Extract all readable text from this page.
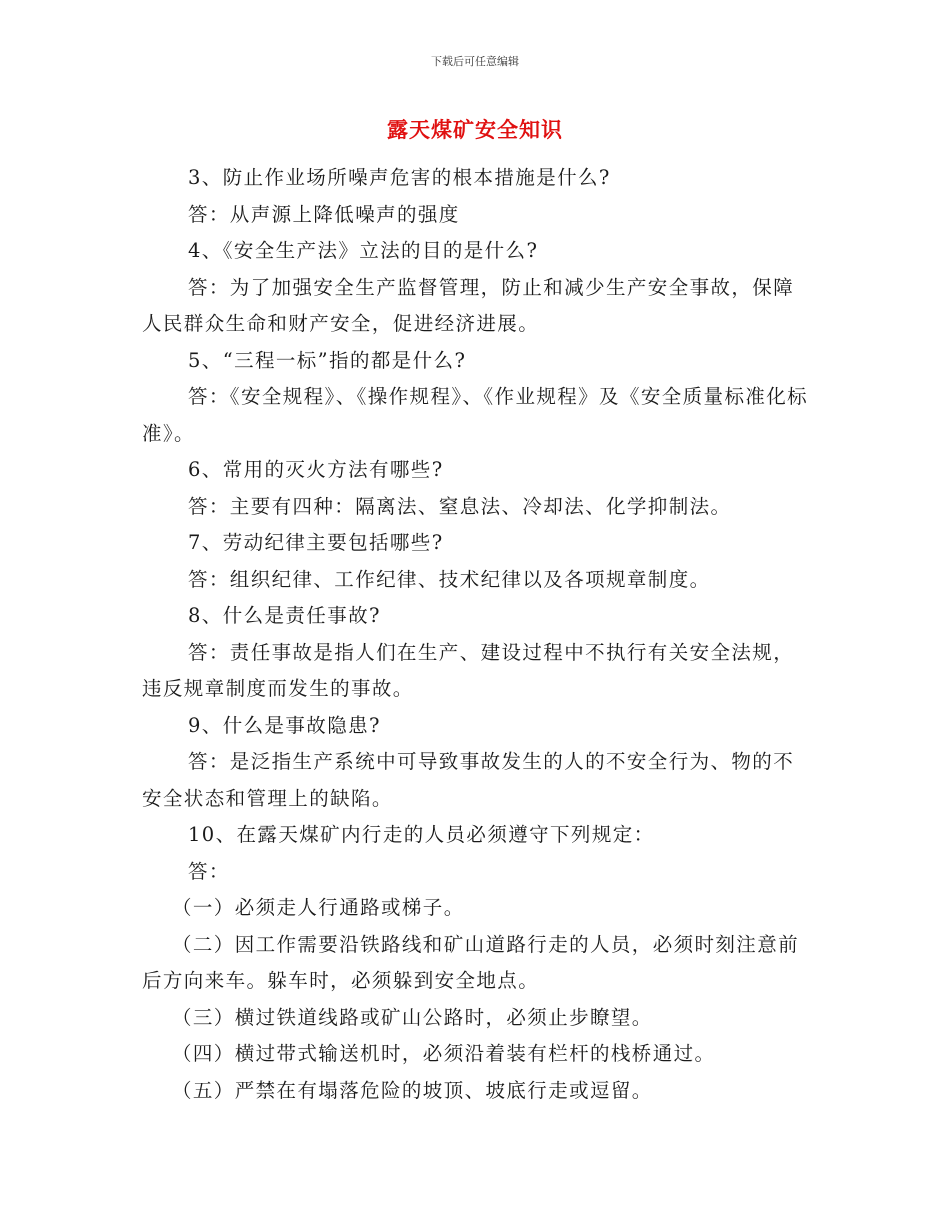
下载后可任意编辑
露天煤矿安全知识

3、防止作业场所噪声危害的根本措施是什么?

答：从声源上降低噪声的强度

4、《安全生产法》立法的目的是什么?

答：为了加强安全生产监督管理，防止和减少生产安全事故，保障人民群众生命和财产安全，促进经济进展。

5、“三程一标”指的都是什么?

答：《安全规程》、《操作规程》、《作业规程》及《安全质量标准化标准》。

6、常用的灭火方法有哪些?

答：主要有四种：隔离法、窒息法、冷却法、化学抑制法。

7、劳动纪律主要包括哪些?

答：组织纪律、工作纪律、技术纪律以及各项规章制度。

8、什么是责任事故?

答：责任事故是指人们在生产、建设过程中不执行有关安全法规，违反规章制度而发生的事故。

9、什么是事故隐患?

答：是泛指生产系统中可导致事故发生的人的不安全行为、物的不安全状态和管理上的缺陷。

10、在露天煤矿内行走的人员必须遵守下列规定：

答：

（一）必须走人行通路或梯子。

（二）因工作需要沿铁路线和矿山道路行走的人员，必须时刻注意前后方向来车。躲车时，必须躲到安全地点。

（三）横过铁道线路或矿山公路时，必须止步瞭望。

（四）横过带式输送机时，必须沿着装有栏杆的栈桥通过。

（五）严禁在有塌落危险的坡顶、坡底行走或逗留。
